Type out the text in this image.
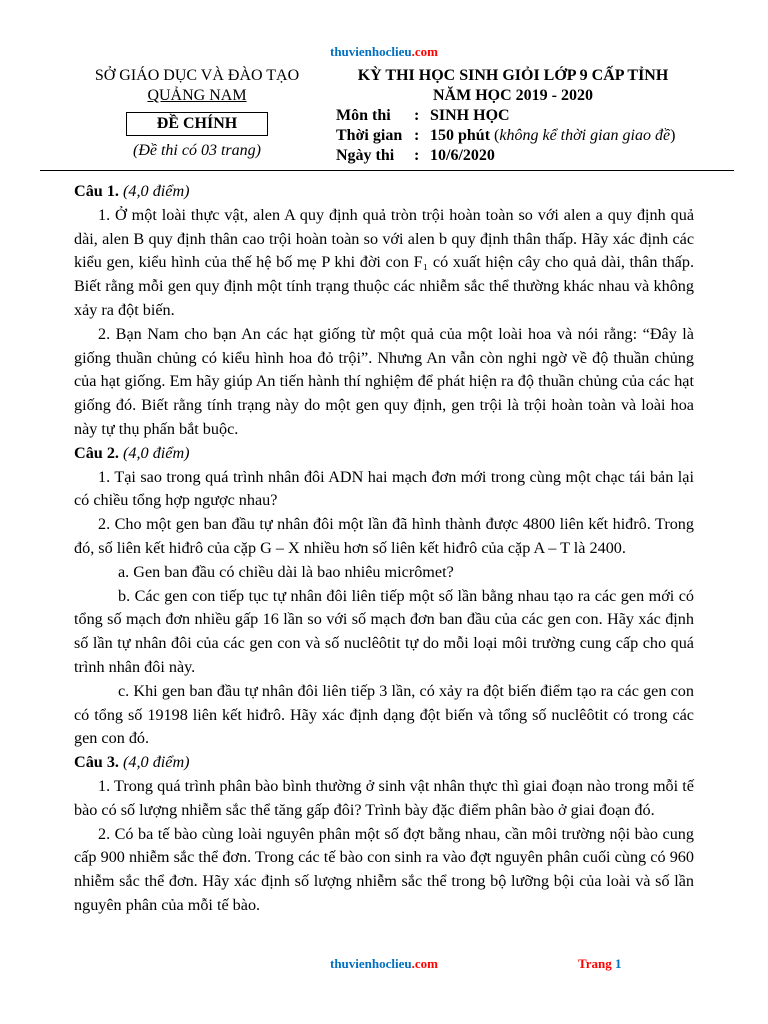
thuvienhoclieu.com
SỞ GIÁO DỤC VÀ ĐÀO TẠO
QUẢNG NAM
ĐỀ CHÍNH
(Đề thi có 03 trang)
KỲ THI HỌC SINH GIỎI LỚP 9 CẤP TỈNH
NĂM HỌC 2019 - 2020
Môn thi	: SINH HỌC
Thời gian : 150 phút (không kể thời gian giao đề)
Ngày thi	: 10/6/2020

Câu 1. (4,0 điểm)

1. Ở một loài thực vật, alen A quy định quả tròn trội hoàn toàn so với alen a quy định quả dài, alen B quy định thân cao trội hoàn toàn so với alen b quy định thân thấp. Hãy xác định các kiểu gen, kiểu hình của thế hệ bố mẹ P khi đời con F₁ có xuất hiện cây cho quả dài, thân thấp. Biết rằng mỗi gen quy định một tính trạng thuộc các nhiễm sắc thể thường khác nhau và không xảy ra đột biến.

2. Bạn Nam cho bạn An các hạt giống từ một quả của một loài hoa và nói rằng: “Đây là giống thuần chủng có kiểu hình hoa đỏ trội”. Nhưng An vẫn còn nghi ngờ về độ thuần chủng của hạt giống. Em hãy giúp An tiến hành thí nghiệm để phát hiện ra độ thuần chủng của các hạt giống đó. Biết rằng tính trạng này do một gen quy định, gen trội là trội hoàn toàn và loài hoa này tự thụ phấn bắt buộc.

Câu 2. (4,0 điểm)

1. Tại sao trong quá trình nhân đôi ADN hai mạch đơn mới trong cùng một chạc tái bản lại có chiều tổng hợp ngược nhau?

2. Cho một gen ban đầu tự nhân đôi một lần đã hình thành được 4800 liên kết hiđrô. Trong đó, số liên kết hiđrô của cặp G – X nhiều hơn số liên kết hiđrô của cặp A – T là 2400.

a. Gen ban đầu có chiều dài là bao nhiêu micrômet?

b. Các gen con tiếp tục tự nhân đôi liên tiếp một số lần bằng nhau tạo ra các gen mới có tổng số mạch đơn nhiều gấp 16 lần so với số mạch đơn ban đầu của các gen con. Hãy xác định số lần tự nhân đôi của các gen con và số nuclêôtit tự do mỗi loại môi trường cung cấp cho quá trình nhân đôi này.

c. Khi gen ban đầu tự nhân đôi liên tiếp 3 lần, có xảy ra đột biến điểm tạo ra các gen con có tổng số 19198 liên kết hiđrô. Hãy xác định dạng đột biến và tổng số nuclêôtit có trong các gen con đó.

Câu 3. (4,0 điểm)

1. Trong quá trình phân bào bình thường ở sinh vật nhân thực thì giai đoạn nào trong mỗi tế bào có số lượng nhiễm sắc thể tăng gấp đôi? Trình bày đặc điểm phân bào ở giai đoạn đó.

2. Có ba tế bào cùng loài nguyên phân một số đợt bằng nhau, cần môi trường nội bào cung cấp 900 nhiễm sắc thể đơn. Trong các tế bào con sinh ra vào đợt nguyên phân cuối cùng có 960 nhiễm sắc thể đơn. Hãy xác định số lượng nhiễm sắc thể trong bộ lưỡng bội của loài và số lần nguyên phân của mỗi tế bào.

thuvienhoclieu.com	Trang 1
